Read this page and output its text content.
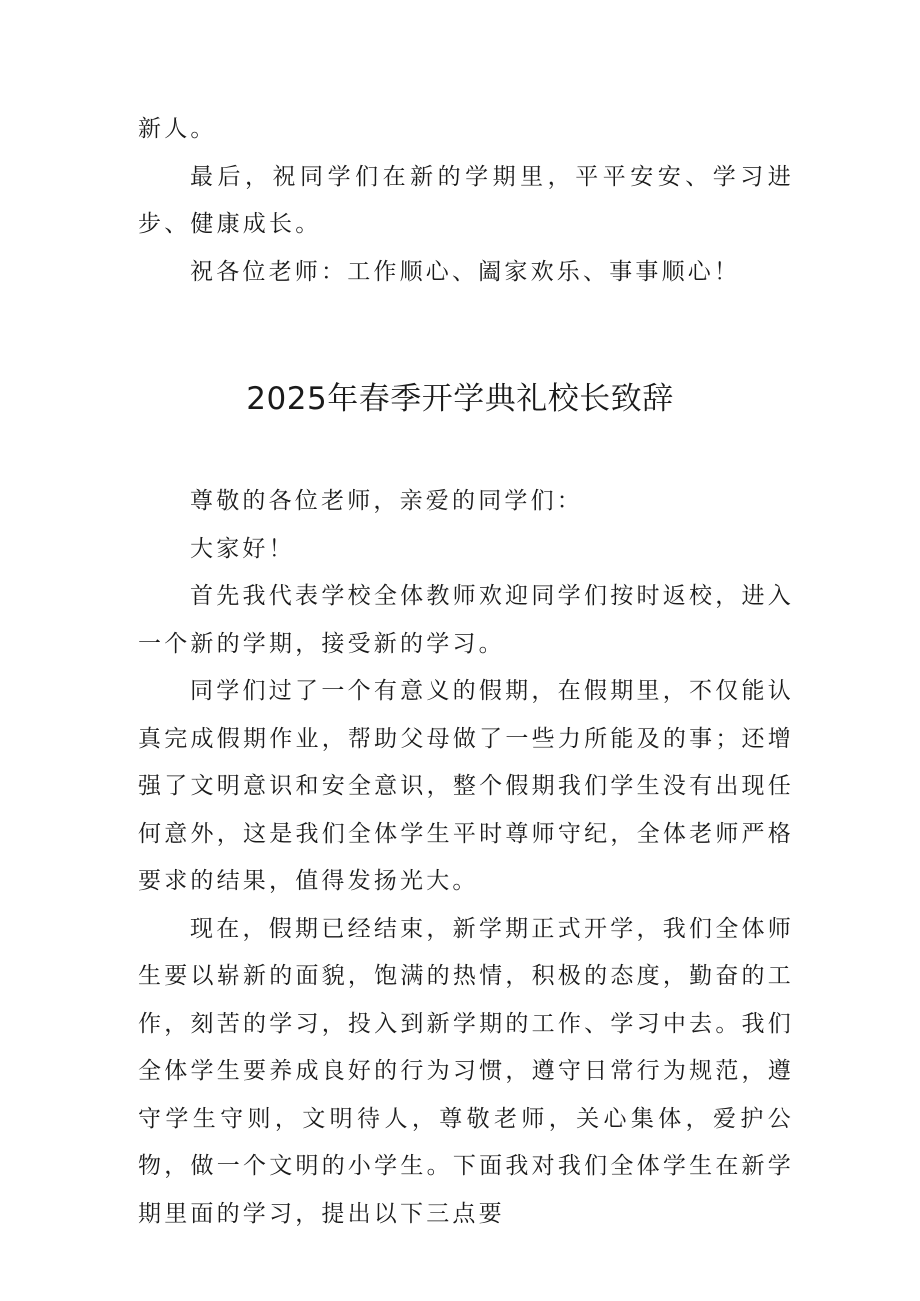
新人。

最后，祝同学们在新的学期里，平平安安、学习进步、健康成长。

祝各位老师：工作顺心、阖家欢乐、事事顺心！

2025年春季开学典礼校长致辞

尊敬的各位老师，亲爱的同学们：

大家好！

首先我代表学校全体教师欢迎同学们按时返校，进入一个新的学期，接受新的学习。

同学们过了一个有意义的假期，在假期里，不仅能认真完成假期作业，帮助父母做了一些力所能及的事；还增强了文明意识和安全意识，整个假期我们学生没有出现任何意外，这是我们全体学生平时尊师守纪，全体老师严格要求的结果，值得发扬光大。

现在，假期已经结束，新学期正式开学，我们全体师生要以崭新的面貌，饱满的热情，积极的态度，勤奋的工作，刻苦的学习，投入到新学期的工作、学习中去。我们全体学生要养成良好的行为习惯，遵守日常行为规范，遵守学生守则，文明待人，尊敬老师，关心集体，爱护公物，做一个文明的小学生。下面我对我们全体学生在新学期里面的学习，提出以下三点要
